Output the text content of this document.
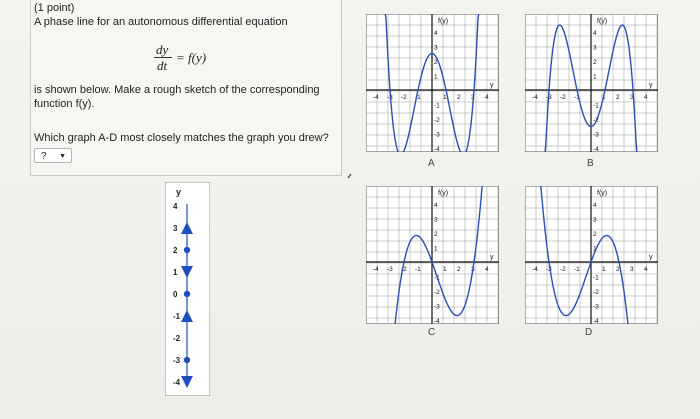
(1 point)
A phase line for an autonomous differential equation
dy
dt
= f(y)
is shown below. Make a rough sketch of the corresponding
function f(y).
Which graph A-D most closely matches the graph you drew?
? ▼
y
4
3
2
1
0
-1
-2
-3
-4
-4
-4
-3
-3
-2
-2
-1
-1
1
1
2
2
3
3
4
4
f(y)
y
A
-4
-4
-3
-3
-2
-2
-1
-1
1
1
2
2
3
3
4
4
f(y)
y
B
-4
-4
-3
-3
-2
-2
-1
-1
1
1
2
2
3
3
4
4
f(y)
y
C
-4
-4
-3
-3
-2
-2
-1
-1
1
1
2
2
3
3
4
4
f(y)
y
D
